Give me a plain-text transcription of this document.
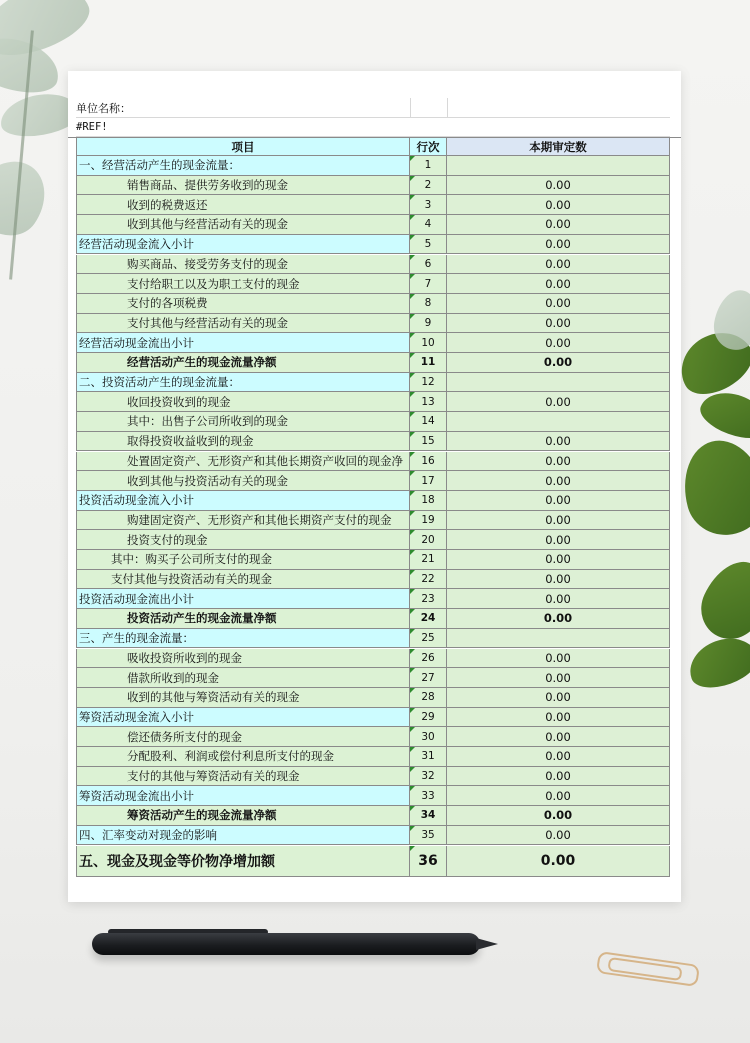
单位名称：
#REF!
项目	行次	本期审定数
一、经营活动产生的现金流量：	1
销售商品、提供劳务收到的现金	2	0.00
收到的税费返还	3	0.00
收到其他与经营活动有关的现金	4	0.00
经营活动现金流入小计	5	0.00
购买商品、接受劳务支付的现金	6	0.00
支付给职工以及为职工支付的现金	7	0.00
支付的各项税费	8	0.00
支付其他与经营活动有关的现金	9	0.00
经营活动现金流出小计	10	0.00
经营活动产生的现金流量净额	11	0.00
二、投资活动产生的现金流量：	12
收回投资收到的现金	13	0.00
其中：出售子公司所收到的现金	14
取得投资收益收到的现金	15	0.00
处置固定资产、无形资产和其他长期资产收回的现金净	16	0.00
收到其他与投资活动有关的现金	17	0.00
投资活动现金流入小计	18	0.00
购建固定资产、无形资产和其他长期资产支付的现金	19	0.00
投资支付的现金	20	0.00
其中：购买子公司所支付的现金	21	0.00
支付其他与投资活动有关的现金	22	0.00
投资活动现金流出小计	23	0.00
投资活动产生的现金流量净额	24	0.00
三、产生的现金流量：	25
吸收投资所收到的现金	26	0.00
借款所收到的现金	27	0.00
收到的其他与筹资活动有关的现金	28	0.00
筹资活动现金流入小计	29	0.00
偿还债务所支付的现金	30	0.00
分配股利、利润或偿付利息所支付的现金	31	0.00
支付的其他与筹资活动有关的现金	32	0.00
筹资活动现金流出小计	33	0.00
筹资活动产生的现金流量净额	34	0.00
四、汇率变动对现金的影响	35	0.00
五、现金及现金等价物净增加额	36	0.00
